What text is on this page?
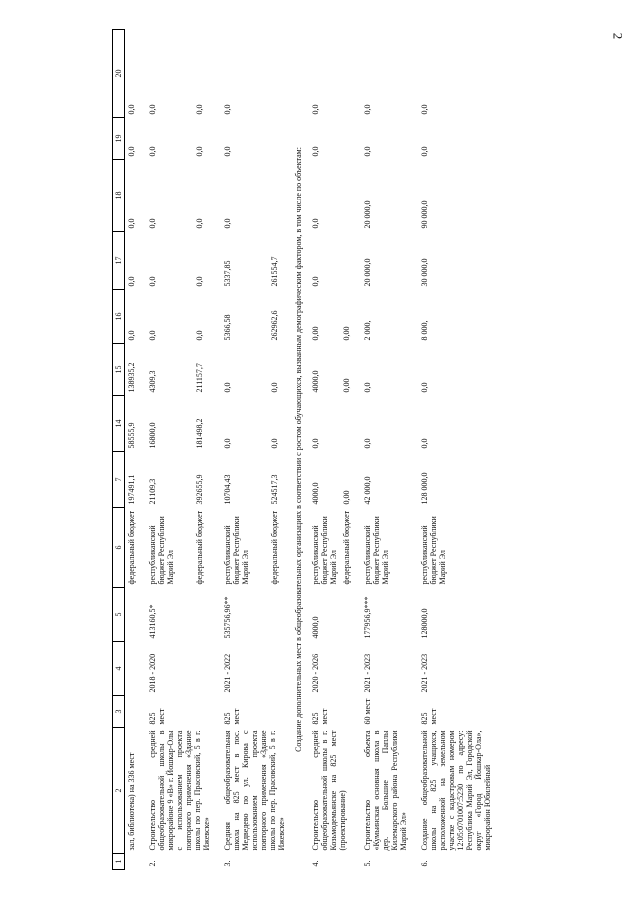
2
1	2	3	4	5	6	7	14	15	16	17	18	19	20
	зал, библиотека) на 336 мест				федеральный бюджет	197491,1	58555,9	138935,2	0,0	0,0	0,0	0,0	0,0

2.	Строительство средней общеобразовательной школы в микрорайоне 9 «В» г. Йошкар-Олы с использованием проекта повторного применения «Здание школы по пер. Прасовский, 5 в г. Ижевске»	825 мест	2018 - 2020	413160,5*	республиканский бюджет Республики Марий Эл	21109,3	16800,0	4309,3	0,0	0,0	0,0	0,0	0,0
					федеральный бюджет	392655,9	181498,2	211157,7	0,0	0,0	0,0	0,0	0,0

3.	Средняя общеобразовательная школа на 825 мест в пос. Медведево по ул. Кирова с использованием проекта повторного применения «Здание школы по пер. Прасовский, 5 в г. Ижевске»	825 мест	2021 - 2022	535756,96**	республиканский бюджет Республики Марий Эл	10704,43	0,0	0,0	5366,58	5337,85	0,0	0,0	0,0
					федеральный бюджет	524517,3	0,0	0,0	262962,6	261554,7			
Создание дополнительных мест в общеобразовательных организациях в соответствии с ростом обучающихся, вызванным демографическим фактором, в том числе по объектам:													
4.	Строительство средней общеобразовательной школы в г. Козьмодемьянске на 825 мест (проектирование)	825 мест	2020 - 2026	4000,0	республиканский бюджет Республики Марий Эл	4000,0	0,0	4000,0	0,00	0,0	0,0	0,0	0,0
					федеральный бюджет	0,00		0,00	0,00				

5.	Строительство объекта «Кумьинская основная школа в дер. Большие Паплы Килемарского района Республики Марий Эл»	60 мест	2021 - 2023	177956,9***	республиканский бюджет Республики Марий Эл	42 000,0	0,0	0,0	2 000,	20 000,0	20 000,0	0,0	0,0

6.	Создание общеобразовательной школы на 825 учащихся, расположенной на земельном участке с кадастровым номером 12:05:0701007:5230 по адресу: Республика Марий Эл, Городской округ «Город Йошкар-Ола», микрорайон Юбилейный	825 мест	2021 - 2023	128000,0	республиканский бюджет Республики Марий Эл	128 000,0	0,0	0,0	8 000,	30 000,0	90 000,0	0,0	0,0
